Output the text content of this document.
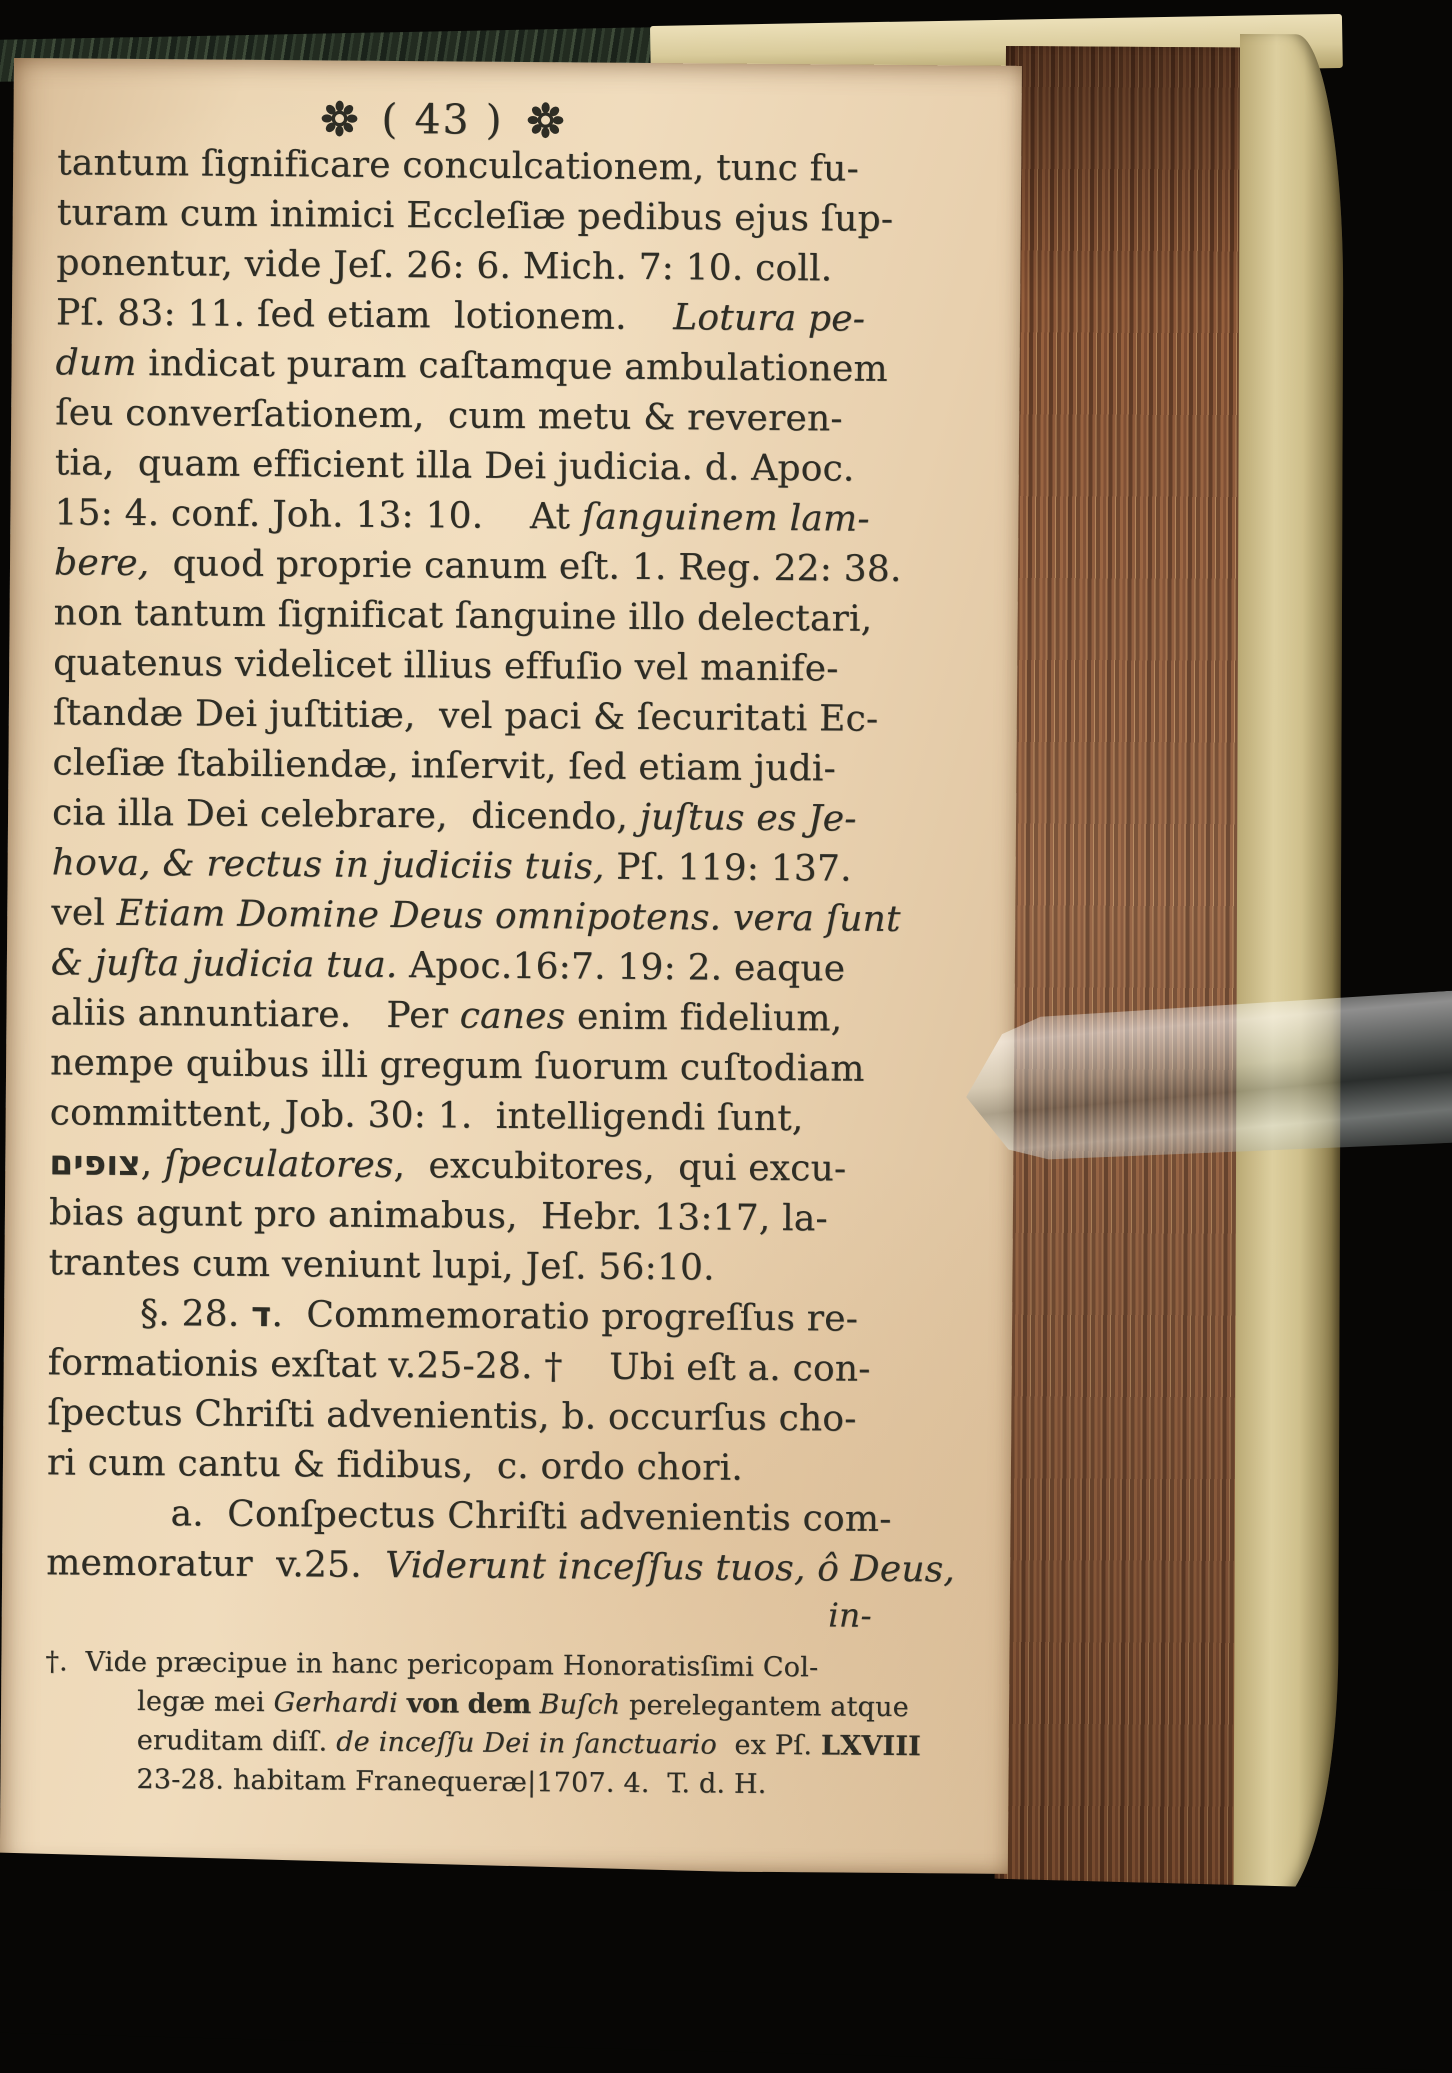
( 43 )
tantum ſignificare conculcationem, tunc fu-
turam cum inimici Eccleſiæ pedibus ejus ſup-
ponentur, vide Jeſ. 26: 6. Mich. 7: 10. coll.
Pſ. 83: 11. ſed etiam  lotionem.    Lotura pe-
dum indicat puram caſtamque ambulationem
ſeu converſationem,  cum metu & reveren-
tia,  quam efficient illa Dei judicia. d. Apoc.
15: 4. conf. Joh. 13: 10.    At ſanguinem lam-
bere,  quod proprie canum eſt. 1. Reg. 22: 38.
non tantum ſignificat ſanguine illo delectari,
quatenus videlicet illius effuſio vel manife-
ſtandæ Dei juſtitiæ,  vel paci & ſecuritati Ec-
cleſiæ ſtabiliendæ, inſervit, ſed etiam judi-
cia illa Dei celebrare,  dicendo, juſtus es Je-
hova, & rectus in judiciis tuis, Pſ. 119: 137.
vel Etiam Domine Deus omnipotens. vera ſunt
& juſta judicia tua. Apoc.16:7. 19: 2. eaque
aliis annuntiare.   Per canes enim fidelium,
nempe quibus illi gregum ſuorum cuſtodiam
committent, Job. 30: 1.  intelligendi ſunt,
צופים, ſpeculatores,  excubitores,  qui excu-
bias agunt pro animabus,  Hebr. 13:17, la-
trantes cum veniunt lupi, Jeſ. 56:10.
§. 28. ד.  Commemoratio progreſſus re-
formationis exſtat v.25-28. †    Ubi eſt a. con-
ſpectus Chriſti advenientis, b. occurſus cho-
ri cum cantu & fidibus,  c. ordo chori.
a.  Conſpectus Chriſti advenientis com-
memoratur  v.25.  Viderunt inceſſus tuos, ô Deus,
in-
†.  Vide præcipue in hanc pericopam Honoratisſimi Col-
legæ mei Gerhardi von dem Buſch perelegantem atque
eruditam diſſ. de inceſſu Dei in ſanctuario  ex Pſ. LXVIII
23-28. habitam Franequeræ|1707. 4.  T. d. H.
